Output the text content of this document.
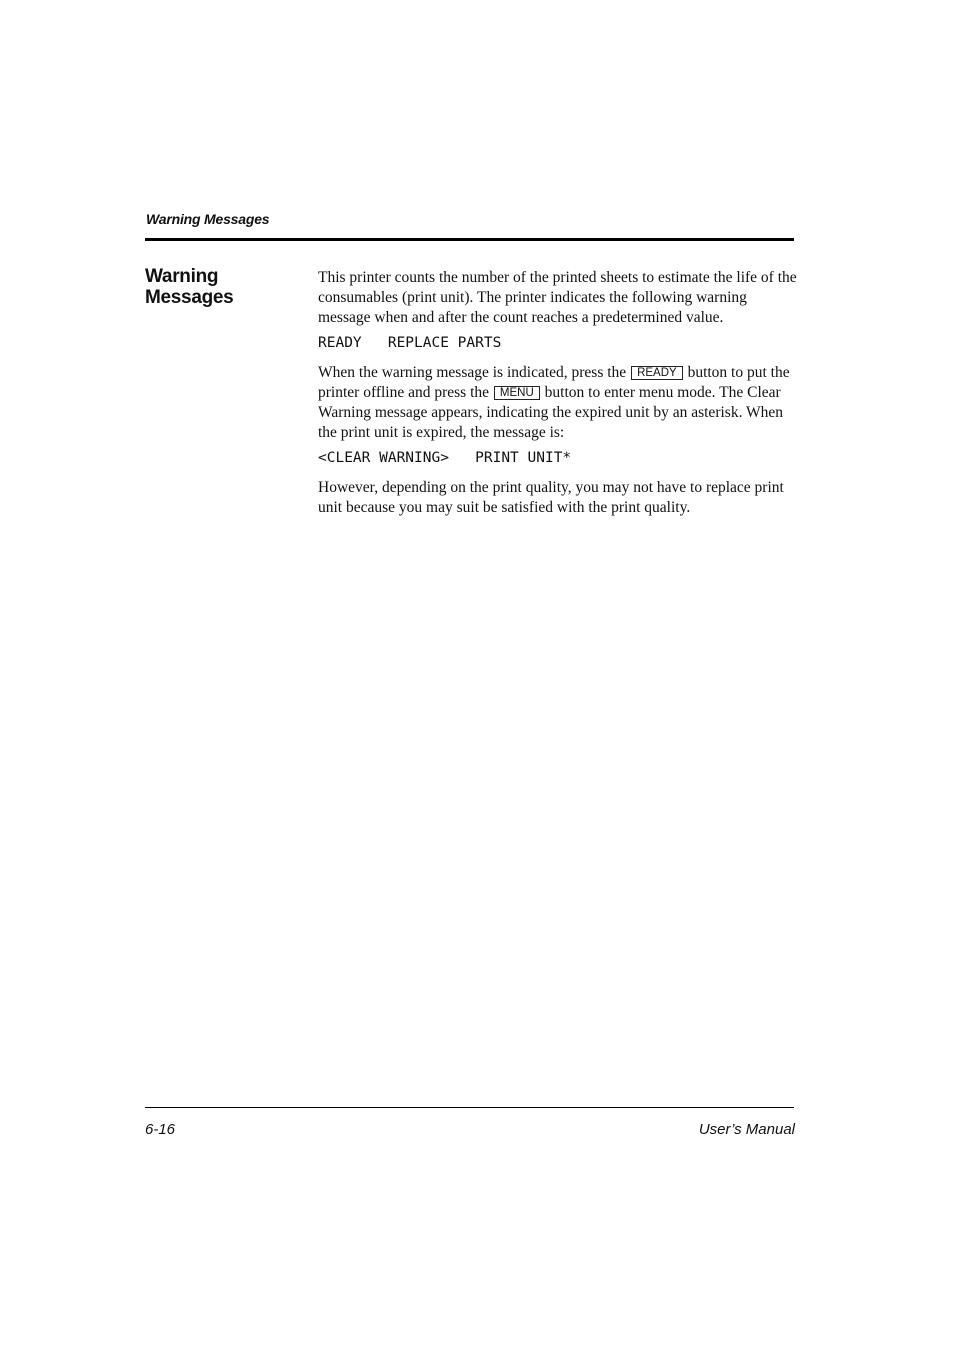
Warning Messages
Warning
Messages

This printer counts the number of the printed sheets to estimate the life of the consumables (print unit). The printer indicates the following warning message when and after the count reaches a predetermined value.

READY   REPLACE PARTS

When the warning message is indicated, press the READY button to put the printer offline and press the MENU button to enter menu mode. The Clear Warning message appears, indicating the expired unit by an asterisk. When the print unit is expired, the message is:

<CLEAR WARNING>   PRINT UNIT*

However, depending on the print quality, you may not have to replace print unit because you may suit be satisfied with the print quality.

6-16	User’s Manual
